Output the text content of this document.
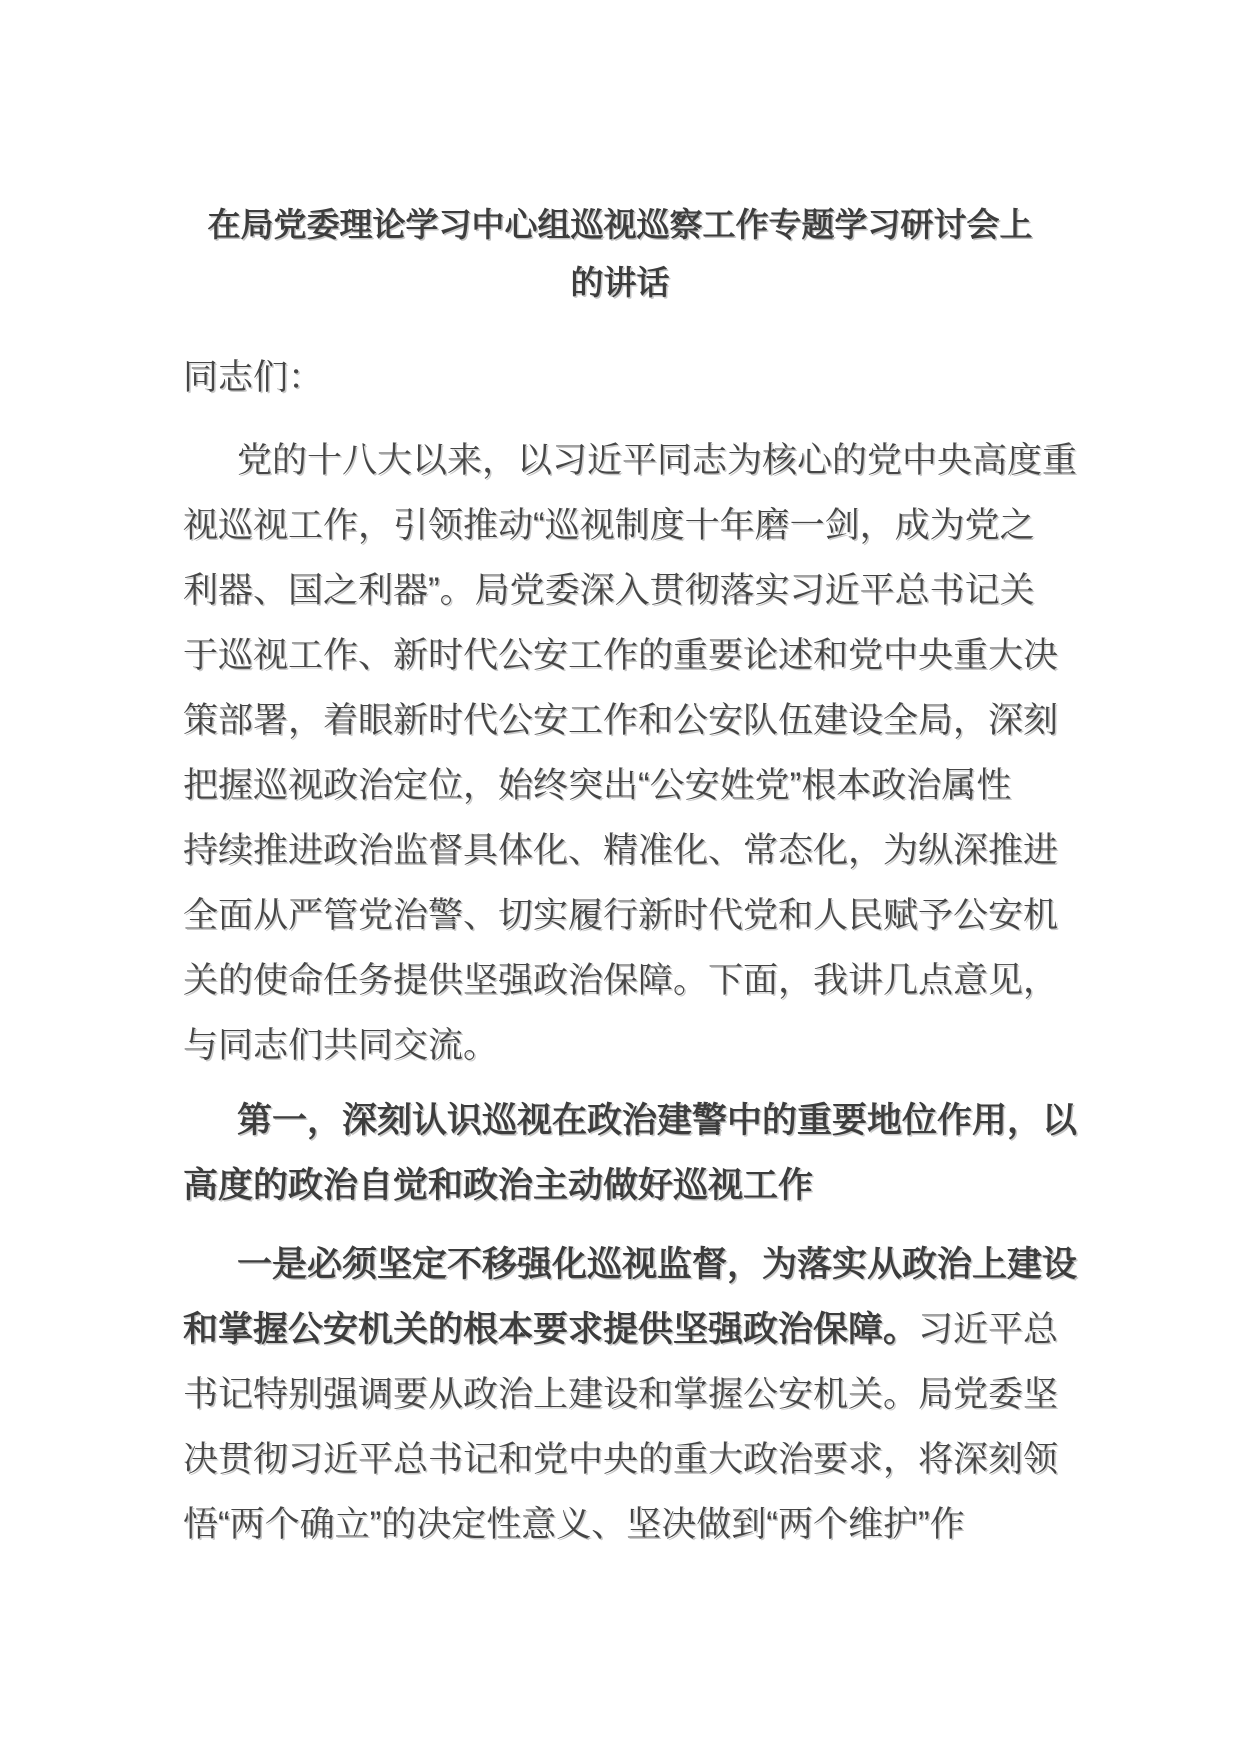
在局党委理论学习中心组巡视巡察工作专题学习研讨会上
的讲话
同志们：
党的十八大以来，以习近平同志为核心的党中央高度重
视巡视工作，引领推动“巡视制度十年磨一剑，成为党之
利器、国之利器”。局党委深入贯彻落实习近平总书记关
于巡视工作、新时代公安工作的重要论述和党中央重大决
策部署，着眼新时代公安工作和公安队伍建设全局，深刻
把握巡视政治定位，始终突出“公安姓党”根本政治属性
持续推进政治监督具体化、精准化、常态化，为纵深推进
全面从严管党治警、切实履行新时代党和人民赋予公安机
关的使命任务提供坚强政治保障。下面，我讲几点意见，
与同志们共同交流。
第一，深刻认识巡视在政治建警中的重要地位作用，以
高度的政治自觉和政治主动做好巡视工作
一是必须坚定不移强化巡视监督，为落实从政治上建设
和掌握公安机关的根本要求提供坚强政治保障。习近平总
书记特别强调要从政治上建设和掌握公安机关。局党委坚
决贯彻习近平总书记和党中央的重大政治要求，将深刻领
悟“两个确立”的决定性意义、坚决做到“两个维护”作
